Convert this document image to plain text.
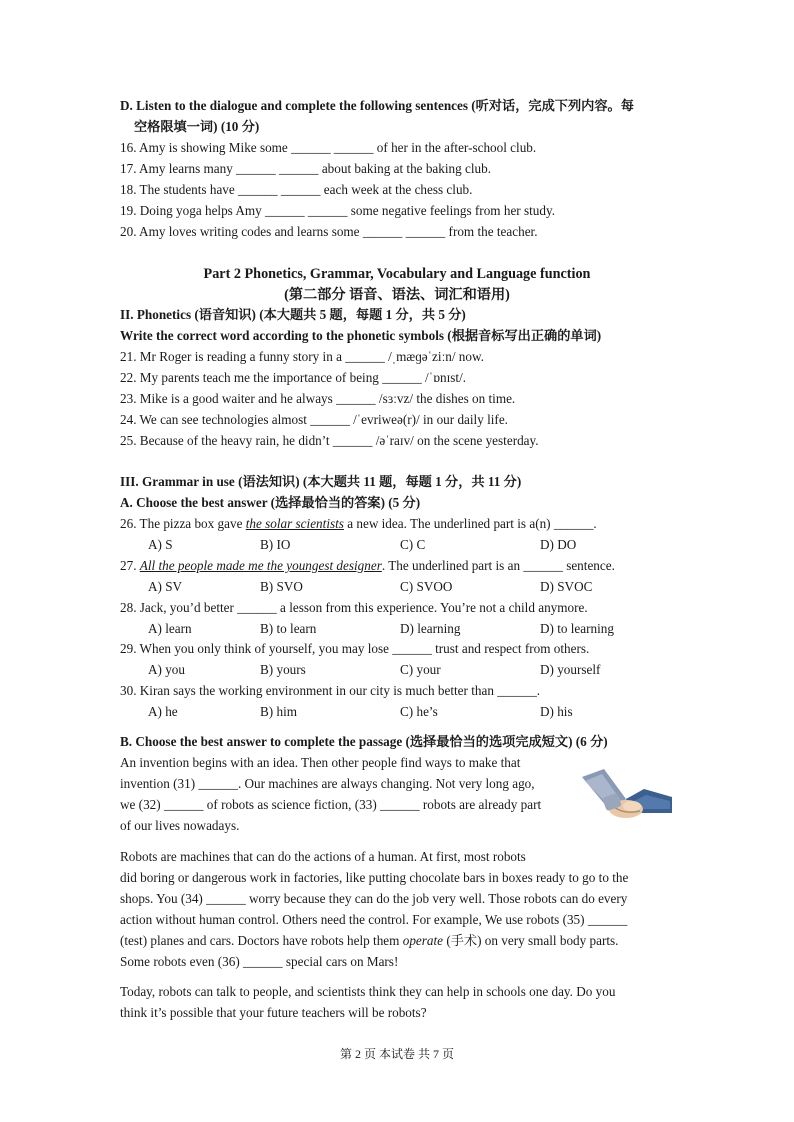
D. Listen to the dialogue and complete the following sentences (听对话，完成下列内容。每
空格限填一词) (10 分)
16. Amy is showing Mike some ______ ______ of her in the after-school club.
17. Amy learns many ______ ______ about baking at the baking club.
18. The students have ______ ______ each week at the chess club.
19. Doing yoga helps Amy ______ ______ some negative feelings from her study.
20. Amy loves writing codes and learns some ______ ______ from the teacher.
Part 2 Phonetics, Grammar, Vocabulary and Language function
(第二部分 语音、语法、词汇和语用)
II. Phonetics (语音知识) (本大题共 5 题，每题 1 分，共 5 分)
Write the correct word according to the phonetic symbols (根据音标写出正确的单词)
21. Mr Roger is reading a funny story in a ______ /ˌmæɡəˈziːn/ now.
22. My parents teach me the importance of being ______ /ˈɒnɪst/.
23. Mike is a good waiter and he always ______ /sɜːvz/ the dishes on time.
24. We can see technologies almost ______ /ˈevriweə(r)/ in our daily life.
25. Because of the heavy rain, he didn’t ______ /əˈraɪv/ on the scene yesterday.
III. Grammar in use (语法知识) (本大题共 11 题，每题 1 分，共 11 分)
A. Choose the best answer (选择最恰当的答案) (5 分)
26. The pizza box gave the solar scientists a new idea. The underlined part is a(n) ______.
A) S	B) IO	C) C	D) DO
27. All the people made me the youngest designer. The underlined part is an ______ sentence.
A) SV	B) SVO	C) SVOO	D) SVOC
28. Jack, you’d better ______ a lesson from this experience. You’re not a child anymore.
A) learn	B) to learn	D) learning	D) to learning
29. When you only think of yourself, you may lose ______ trust and respect from others.
A) you	B) yours	C) your	D) yourself
30. Kiran says the working environment in our city is much better than ______.
A) he	B) him	C) he’s	D) his
B. Choose the best answer to complete the passage (选择最恰当的选项完成短文) (6 分)
An invention begins with an idea. Then other people find ways to make that
invention (31) ______. Our machines are always changing. Not very long ago,
we (32) ______ of robots as science fiction, (33) ______ robots are already part
of our lives nowadays.
Robots are machines that can do the actions of a human. At first, most robots
did boring or dangerous work in factories, like putting chocolate bars in boxes ready to go to the
shops. You (34) ______ worry because they can do the job very well. Those robots can do every
action without human control. Others need the control. For example, We use robots (35) ______
(test) planes and cars. Doctors have robots help them operate (手术) on very small body parts.
Some robots even (36) ______ special cars on Mars!
Today, robots can talk to people, and scientists think they can help in schools one day. Do you
think it’s possible that your future teachers will be robots?
第 2 页 本试卷 共 7 页
